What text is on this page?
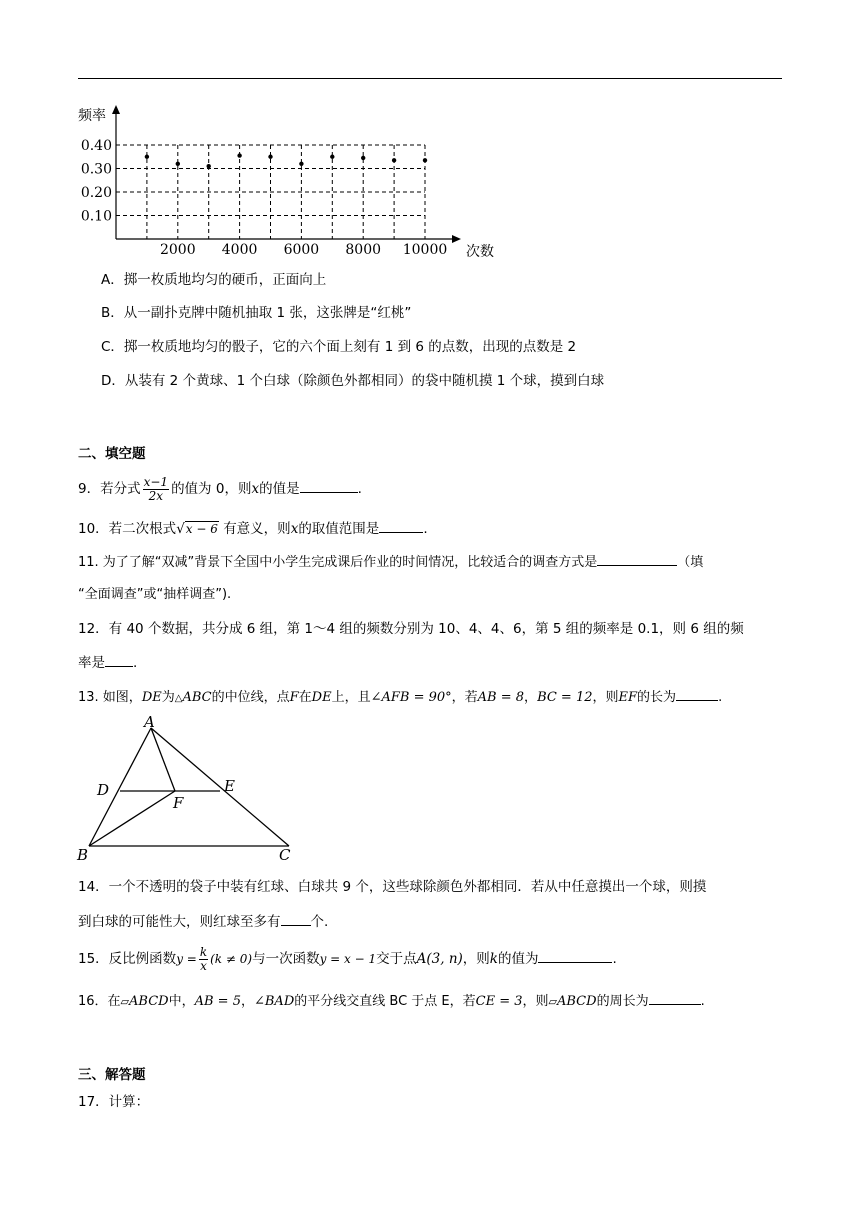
0.10
0.20
0.30
0.40
2000 4000 6000 8000 10000
频率
次数
A．掷一枚质地均匀的硬币，正面向上
B．从一副扑克牌中随机抽取 1 张，这张牌是“红桃”
C．掷一枚质地均匀的骰子，它的六个面上刻有 1 到 6 的点数，出现的点数是 2
D．从装有 2 个黄球、1 个白球（除颜色外都相同）的袋中随机摸 1 个球，摸到白球
二、填空题
9．若分式 $\frac{x-1}{2x}$ 的值为 0，则x的值是	.
10．若二次根式√x − 6 有意义，则x的取值范围是	.
11. 为了了解“双减”背景下全国中小学生完成课后作业的时间情况，比较适合的调查方式是	（填
“全面调查”或“抽样调查”).
12．有 40 个数据，共分成 6 组，第 1～4 组的频数分别为 10、4、4、6，第 5 组的频率是 0.1，则 6 组的频
率是 .
13. 如图，DE为△ABC的中位线，点F在DE上，且∠AFB = 90°，若AB = 8，BC = 12，则EF的长为	.
A
D	E
F
B	C
14．一个不透明的袋子中装有红球、白球共 9 个，这些球除颜色外都相同．若从中任意摸出一个球，则摸
到白球的可能性大，则红球至多有 个.
15．反比例函数$y = \frac{k}{x} (k \ne 0)$与一次函数y = x − 1交于点A(3, n)，则k的值为	.
16．在▱ABCD中，AB = 5，∠BAD的平分线交直线 BC 于点 E，若CE = 3，则▱ABCD的周长为	.
三、解答题
17．计算：
